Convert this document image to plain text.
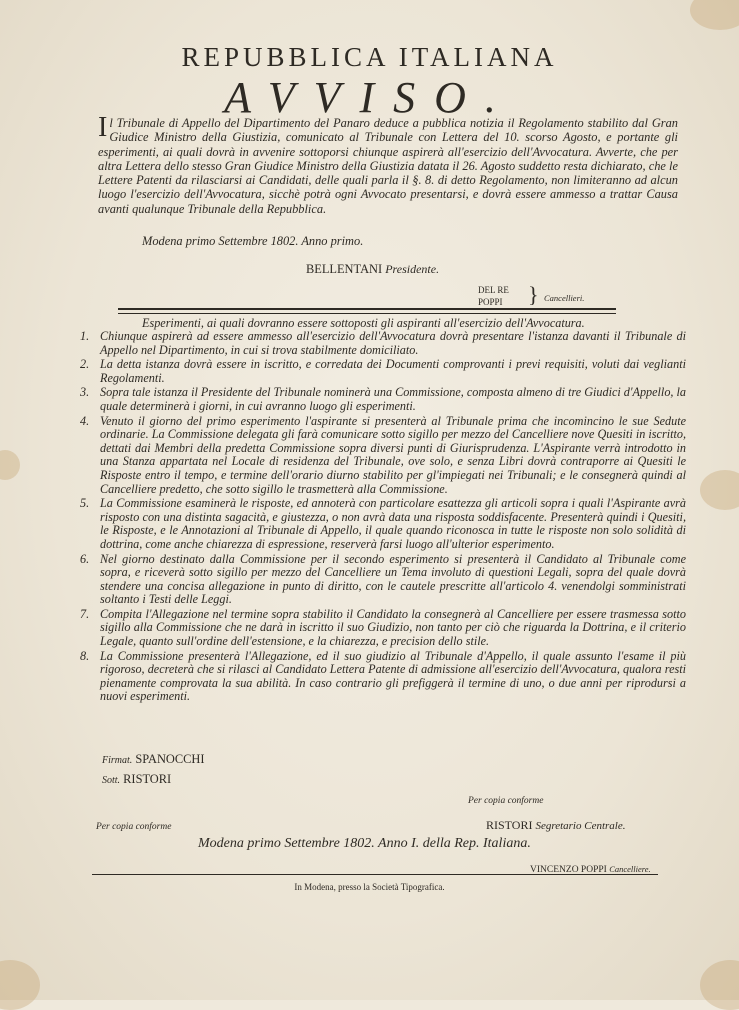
REPUBBLICA ITALIANA
AVVISO.
Il Tribunale di Appello del Dipartimento del Panaro deduce a pubblica notizia il Regolamento stabilito dal Gran Giudice Ministro della Giustizia, comunicato al Tribunale con Lettera del 10. scorso Agosto, e portante gli esperimenti, ai quali dovrà in avvenire sottoporsi chiunque aspirerà all'esercizio dell'Avvocatura. Avverte, che per altra Lettera dello stesso Gran Giudice Ministro della Giustizia datata il 26. Agosto suddetto resta dichiarato, che le Lettere Patenti da rilasciarsi ai Candidati, delle quali parla il §. 8. di detto Regolamento, non limiteranno ad alcun luogo l'esercizio dell'Avvocatura, sicchè potrà ogni Avvocato presentarsi, e dovrà essere ammesso a trattar Causa avanti qualunque Tribunale della Repubblica.
Modena primo Settembre 1802. Anno primo.
BELLENTANI Presidente.
DEL RE
POPPI } Cancellieri.
Esperimenti, ai quali dovranno essere sottoposti gli aspiranti all'esercizio dell'Avvocatura.
1. Chiunque aspirerà ad essere ammesso all'esercizio dell'Avvocatura dovrà presentare l'istanza davanti il Tribunale di Appello nel Dipartimento, in cui si trova stabilmente domiciliato.
2. La detta istanza dovrà essere in iscritto, e corredata dei Documenti comprovanti i previ requisiti, voluti dai veglianti Regolamenti.
3. Sopra tale istanza il Presidente del Tribunale nominerà una Commissione, composta almeno di tre Giudici d'Appello, la quale determinerà i giorni, in cui avranno luogo gli esperimenti.
4. Venuto il giorno del primo esperimento l'aspirante si presenterà al Tribunale prima che incomincino le sue Sedute ordinarie. La Commissione delegata gli farà comunicare sotto sigillo per mezzo del Cancelliere nove Quesiti in iscritto, dettati dai Membri della predetta Commissione sopra diversi punti di Giurisprudenza. L'Aspirante verrà introdotto in una Stanza appartata nel Locale di residenza del Tribunale, ove solo, e senza Libri dovrà contraporre ai Quesiti le Risposte entro il tempo, e termine dell'orario diurno stabilito per gl'impiegati nei Tribunali; e le consegnerà quindi al Cancelliere predetto, che sotto sigillo le trasmetterà alla Commissione.
5. La Commissione esaminerà le risposte, ed annoterà con particolare esattezza gli articoli sopra i quali l'Aspirante avrà risposto con una distinta sagacità, e giustezza, o non avrà data una risposta soddisfacente. Presenterà quindi i Quesiti, le Risposte, e le Annotazioni al Tribunale di Appello, il quale quando riconosca in tutte le risposte non solo solidità di dottrina, come anche chiarezza di espressione, reserverà farsi luogo all'ulterior esperimento.
6. Nel giorno destinato dalla Commissione per il secondo esperimento si presenterà il Candidato al Tribunale come sopra, e riceverà sotto sigillo per mezzo del Cancelliere un Tema involuto di questioni Legali, sopra del quale dovrà stendere una concisa allegazione in punto di diritto, con le cautele prescritte all'articolo 4. venendolgi somministrati soltanto i Testi delle Leggi.
7. Compita l'Allegazione nel termine sopra stabilito il Candidato la consegnerà al Cancelliere per essere trasmessa sotto sigillo alla Commissione che ne darà in iscritto il suo Giudizio, non tanto per ciò che riguarda la Dottrina, e il criterio Legale, quanto sull'ordine dell'estensione, e la chiarezza, e precision dello stile.
8. La Commissione presenterà l'Allegazione, ed il suo giudizio al Tribunale d'Appello, il quale assunto l'esame il più rigoroso, decreterà che si rilasci al Candidato Lettera Patente di admissione all'esercizio dell'Avvocatura, qualora resti pienamente comprovata la sua abilità. In caso contrario gli prefiggerà il termine di uno, o due anni per riprodursi a nuovi esperimenti.
Firmat. SPANOCCHI
Sott. RISTORI
Per copia conforme
RISTORI Segretario Centrale.
Per copia conforme
Modena primo Settembre 1802. Anno I. della Rep. Italiana.
VINCENZO POPPI Cancelliere.
In Modena, presso la Società Tipografica.
